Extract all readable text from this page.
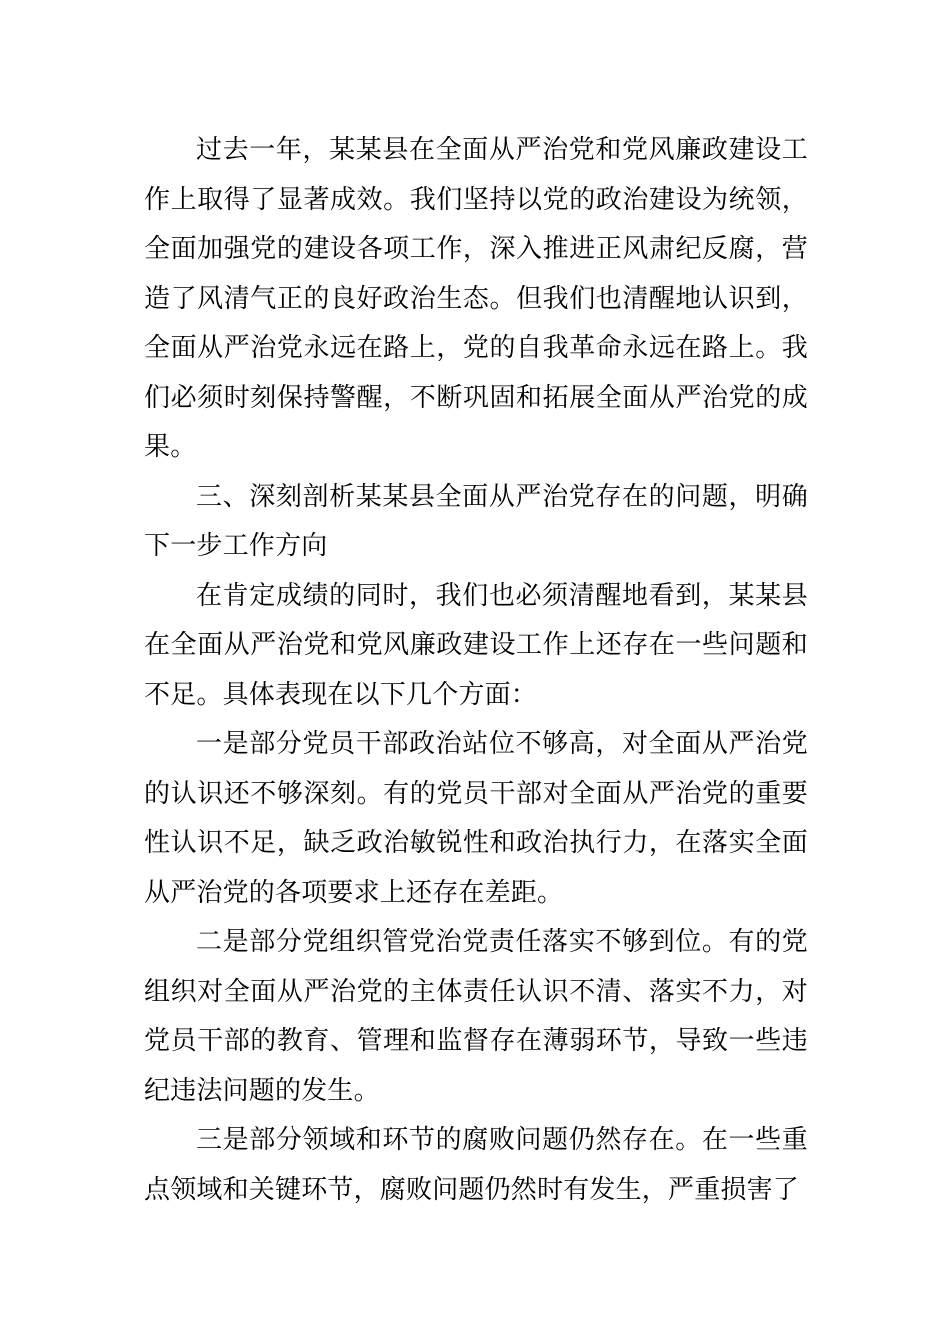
过去一年，某某县在全面从严治党和党风廉政建设工作上取得了显著成效。我们坚持以党的政治建设为统领，全面加强党的建设各项工作，深入推进正风肃纪反腐，营造了风清气正的良好政治生态。但我们也清醒地认识到，全面从严治党永远在路上，党的自我革命永远在路上。我们必须时刻保持警醒，不断巩固和拓展全面从严治党的成果。

三、深刻剖析某某县全面从严治党存在的问题，明确下一步工作方向

在肯定成绩的同时，我们也必须清醒地看到，某某县在全面从严治党和党风廉政建设工作上还存在一些问题和不足。具体表现在以下几个方面：

一是部分党员干部政治站位不够高，对全面从严治党的认识还不够深刻。有的党员干部对全面从严治党的重要性认识不足，缺乏政治敏锐性和政治执行力，在落实全面从严治党的各项要求上还存在差距。

二是部分党组织管党治党责任落实不够到位。有的党组织对全面从严治党的主体责任认识不清、落实不力，对党员干部的教育、管理和监督存在薄弱环节，导致一些违纪违法问题的发生。

三是部分领域和环节的腐败问题仍然存在。在一些重点领域和关键环节，腐败问题仍然时有发生，严重损害了
